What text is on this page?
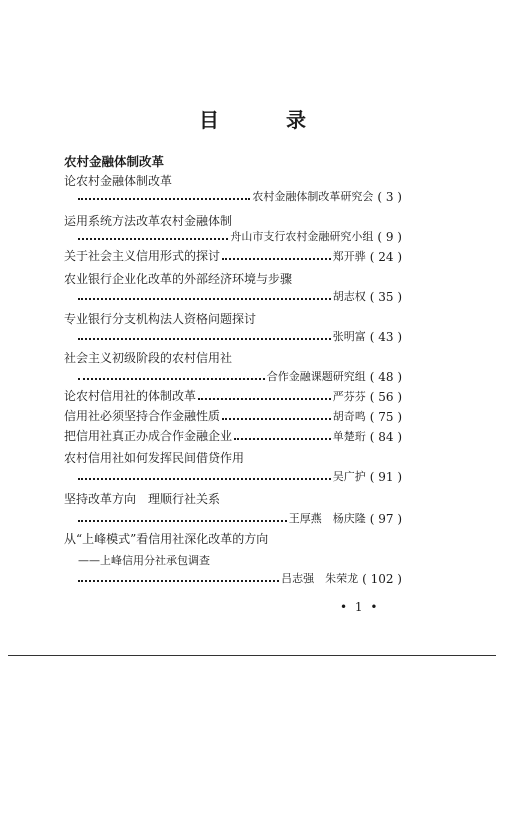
目 录
农村金融体制改革
论农村金融体制改革
农村金融体制改革研究会 ( 3 )
运用系统方法改革农村金融体制
舟山市支行农村金融研究小组 ( 9 )
关于社会主义信用形式的探讨	郑开骅 ( 24 )
农业银行企业化改革的外部经济环境与步骤
胡志权 ( 35 )
专业银行分支机构法人资格问题探讨
张明富 ( 43 )
社会主义初级阶段的农村信用社
合作金融课题研究组 ( 48 )
论农村信用社的体制改革	严芬芬 ( 56 )
信用社必须坚持合作金融性质	胡奇鸣 ( 75 )
把信用社真正办成合作金融企业	单楚珩 ( 84 )
农村信用社如何发挥民间借贷作用
吴广护 ( 91 )
坚持改革方向　理顺行社关系
王厚燕　杨庆隆 ( 97 )
从“上峰模式”看信用社深化改革的方向
——上峰信用分社承包调查
吕志强　朱荣龙 ( 102 )
• 1 •
